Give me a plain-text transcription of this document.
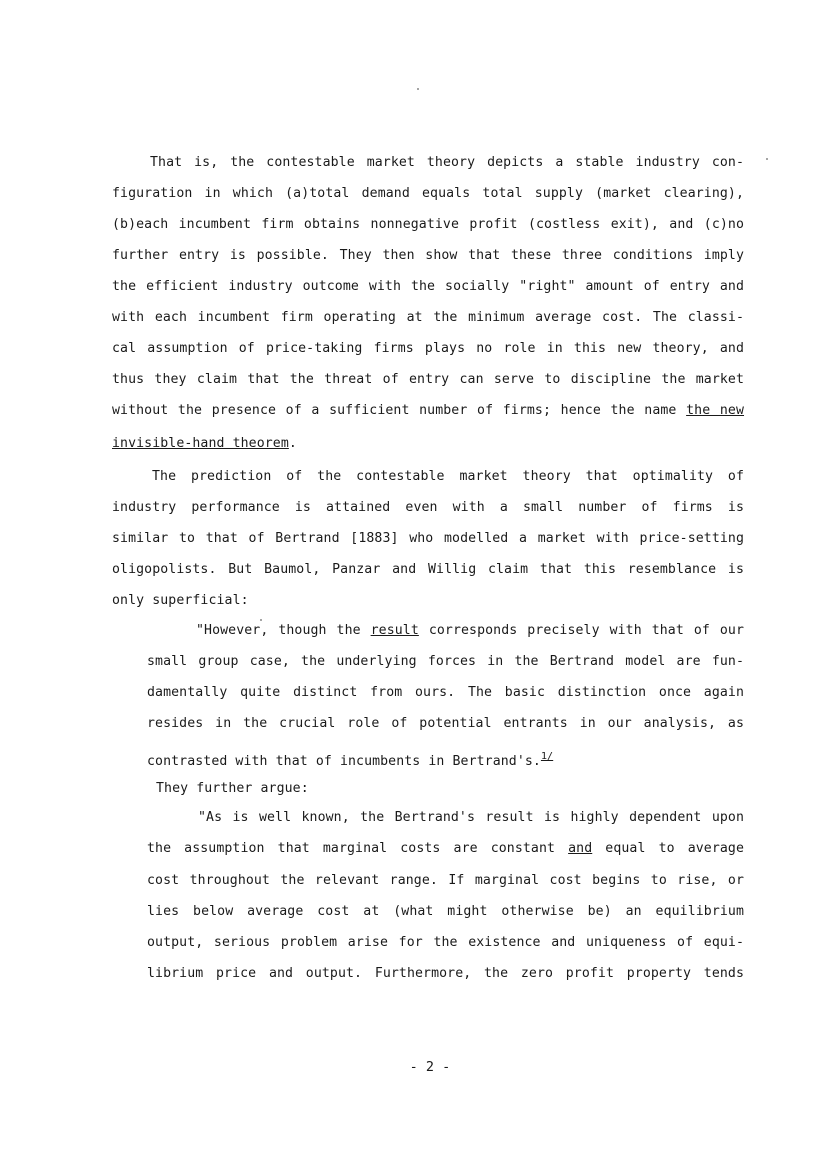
That is, the contestable market theory depicts a stable industry con-
figuration in which (a)total demand equals total supply (market clearing),
(b)each incumbent firm obtains nonnegative profit (costless exit), and (c)no
further entry is possible. They then show that these three conditions imply
the efficient industry outcome with the socially "right" amount of entry and
with each incumbent firm operating at the minimum average cost. The classi-
cal assumption of price-taking firms plays no role in this new theory, and
thus they claim that the threat of entry can serve to discipline the market
without the presence of a sufficient number of firms; hence the name the new
invisible-hand theorem.
The prediction of the contestable market theory that optimality of
industry performance is attained even with a small number of firms is
similar to that of Bertrand [1883] who modelled a market with price-setting
oligopolists. But Baumol, Panzar and Willig claim that this resemblance is
only superficial:
"However, though the result corresponds precisely with that of our
small group case, the underlying forces in the Bertrand model are fun-
damentally quite distinct from ours. The basic distinction once again
resides in the crucial role of potential entrants in our analysis, as
contrasted with that of incumbents in Bertrand's.$^{1/}$
They further argue:
"As is well known, the Bertrand's result is highly dependent upon
the assumption that marginal costs are constant and equal to average
cost throughout the relevant range. If marginal cost begins to rise, or
lies below average cost at (what might otherwise be) an equilibrium
output, serious problem arise for the existence and uniqueness of equi-
librium price and output. Furthermore, the zero profit property tends
- 2 -
